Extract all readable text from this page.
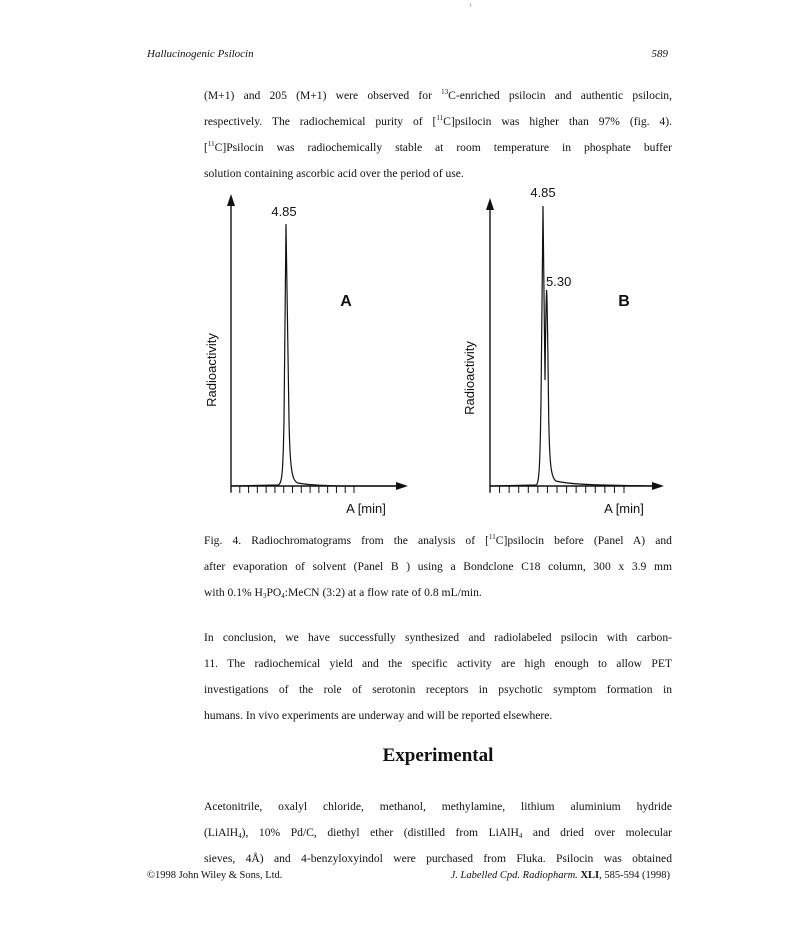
Hallucinogenic Psilocin	589
(M+1) and 205 (M+1) were observed for $^{13}$C-enriched psilocin and authentic psilocin,
respectively. The radiochemical purity of [$^{11}$C]psilocin was higher than 97% (fig. 4).
[$^{11}$C]Psilocin was radiochemically stable at room temperature in phosphate buffer
solution containing ascorbic acid over the period of use.
4.85
A
Radioactivity
A [min]
4.85
5.30
B
Radioactivity
A [min]
Fig. 4. Radiochromatograms from the analysis of [$^{11}$C]psilocin before (Panel A) and
after evaporation of solvent (Panel B ) using a Bondclone C18 column, 300 x 3.9 mm
with 0.1% $H_3PO_4:MeCN$ (3:2) at a flow rate of 0.8 mL/min.
In conclusion, we have successfully synthesized and radiolabeled psilocin with carbon-
11. The radiochemical yield and the specific activity are high enough to allow PET
investigations of the role of serotonin receptors in psychotic symptom formation in
humans. In vivo experiments are underway and will be reported elsewhere.
Experimental
Acetonitrile, oxalyl chloride, methanol, methylamine, lithium aluminium hydride
(LiAlH$_4$), 10% Pd/C, diethyl ether (distilled from LiAlH$_4$ and dried over molecular
sieves, 4Å) and 4-benzyloxyindol were purchased from Fluka. Psilocin was obtained
©1998 John Wiley & Sons, Ltd.	J. Labelled Cpd. Radiopharm. XLI, 585-594 (1998)
